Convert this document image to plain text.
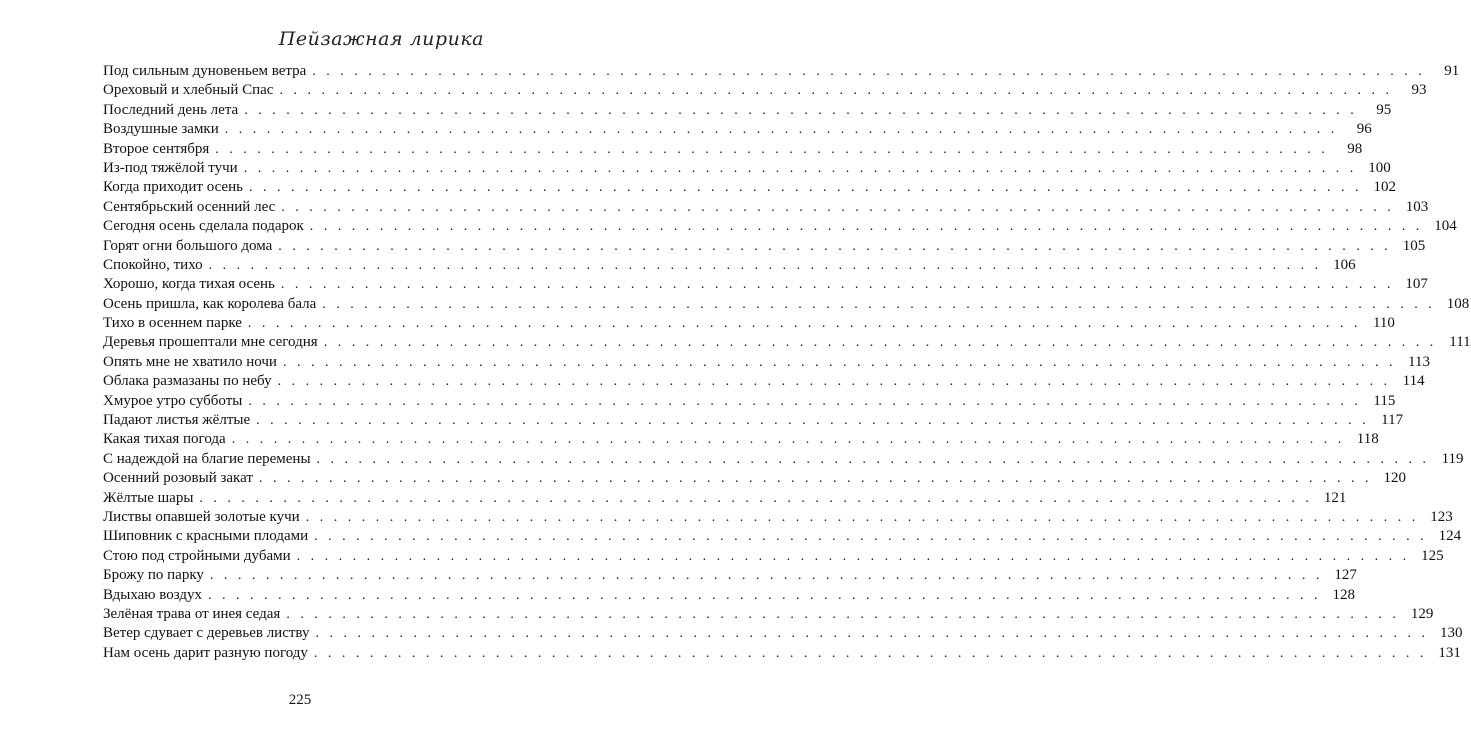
Пейзажная лирика
Под сильным дуновеньем ветра . . . . . . . . . . . . . . . . . . . . . . . . . . . . . . . . . . . . . . . . . . . . . . . . . . . . . . . . . . . . . . . . . . . . . . . . . . . . . . . .	91
Ореховый и хлебный Спас . . . . . . . . . . . . . . . . . . . . . . . . . . . . . . . . . . . . . . . . . . . . . . . . . . . . . . . . . . . . . . . . . . . . . . . . . . . . . . . .	93
Последний день лета . . . . . . . . . . . . . . . . . . . . . . . . . . . . . . . . . . . . . . . . . . . . . . . . . . . . . . . . . . . . . . . . . . . . . . . . . . . . . . . .	95
Воздушные замки . . . . . . . . . . . . . . . . . . . . . . . . . . . . . . . . . . . . . . . . . . . . . . . . . . . . . . . . . . . . . . . . . . . . . . . . . . . . . . . .	96
Второе сентября . . . . . . . . . . . . . . . . . . . . . . . . . . . . . . . . . . . . . . . . . . . . . . . . . . . . . . . . . . . . . . . . . . . . . . . . . . . . . . . .	98
Из-под тяжёлой тучи . . . . . . . . . . . . . . . . . . . . . . . . . . . . . . . . . . . . . . . . . . . . . . . . . . . . . . . . . . . . . . . . . . . . . . . . . . . . . . . . 100
Когда приходит осень . . . . . . . . . . . . . . . . . . . . . . . . . . . . . . . . . . . . . . . . . . . . . . . . . . . . . . . . . . . . . . . . . . . . . . . . . . . . . . . . 102
Сентябрьский осенний лес . . . . . . . . . . . . . . . . . . . . . . . . . . . . . . . . . . . . . . . . . . . . . . . . . . . . . . . . . . . . . . . . . . . . . . . . . . . . . . . . 103
Сегодня осень сделала подарок . . . . . . . . . . . . . . . . . . . . . . . . . . . . . . . . . . . . . . . . . . . . . . . . . . . . . . . . . . . . . . . . . . . . . . . . . . . . . . . . 104
Горят огни большого дома . . . . . . . . . . . . . . . . . . . . . . . . . . . . . . . . . . . . . . . . . . . . . . . . . . . . . . . . . . . . . . . . . . . . . . . . . . . . . . . . 105
Спокойно, тихо . . . . . . . . . . . . . . . . . . . . . . . . . . . . . . . . . . . . . . . . . . . . . . . . . . . . . . . . . . . . . . . . . . . . . . . . . . . . . . . . 106
Хорошо, когда тихая осень . . . . . . . . . . . . . . . . . . . . . . . . . . . . . . . . . . . . . . . . . . . . . . . . . . . . . . . . . . . . . . . . . . . . . . . . . . . . . . . . 107
Осень пришла, как королева бала . . . . . . . . . . . . . . . . . . . . . . . . . . . . . . . . . . . . . . . . . . . . . . . . . . . . . . . . . . . . . . . . . . . . . . . . . . . . . . . . 108
Тихо в осеннем парке . . . . . . . . . . . . . . . . . . . . . . . . . . . . . . . . . . . . . . . . . . . . . . . . . . . . . . . . . . . . . . . . . . . . . . . . . . . . . . . . 110
Деревья прошептали мне сегодня . . . . . . . . . . . . . . . . . . . . . . . . . . . . . . . . . . . . . . . . . . . . . . . . . . . . . . . . . . . . . . . . . . . . . . . . . . . . . . . . 111
Опять мне не хватило ночи . . . . . . . . . . . . . . . . . . . . . . . . . . . . . . . . . . . . . . . . . . . . . . . . . . . . . . . . . . . . . . . . . . . . . . . . . . . . . . . . 113
Облака размазаны по небу . . . . . . . . . . . . . . . . . . . . . . . . . . . . . . . . . . . . . . . . . . . . . . . . . . . . . . . . . . . . . . . . . . . . . . . . . . . . . . . . 114
Хмурое утро субботы . . . . . . . . . . . . . . . . . . . . . . . . . . . . . . . . . . . . . . . . . . . . . . . . . . . . . . . . . . . . . . . . . . . . . . . . . . . . . . . . 115
Падают листья жёлтые . . . . . . . . . . . . . . . . . . . . . . . . . . . . . . . . . . . . . . . . . . . . . . . . . . . . . . . . . . . . . . . . . . . . . . . . . . . . . . . . 117
Какая тихая погода . . . . . . . . . . . . . . . . . . . . . . . . . . . . . . . . . . . . . . . . . . . . . . . . . . . . . . . . . . . . . . . . . . . . . . . . . . . . . . . . 118
С надеждой на благие перемены . . . . . . . . . . . . . . . . . . . . . . . . . . . . . . . . . . . . . . . . . . . . . . . . . . . . . . . . . . . . . . . . . . . . . . . . . . . . . . . . 119
Осенний розовый закат . . . . . . . . . . . . . . . . . . . . . . . . . . . . . . . . . . . . . . . . . . . . . . . . . . . . . . . . . . . . . . . . . . . . . . . . . . . . . . . . 120
Жёлтые шары . . . . . . . . . . . . . . . . . . . . . . . . . . . . . . . . . . . . . . . . . . . . . . . . . . . . . . . . . . . . . . . . . . . . . . . . . . . . . . . . 121
Листвы опавшей золотые кучи . . . . . . . . . . . . . . . . . . . . . . . . . . . . . . . . . . . . . . . . . . . . . . . . . . . . . . . . . . . . . . . . . . . . . . . . . . . . . . . . 123
Шиповник с красными плодами . . . . . . . . . . . . . . . . . . . . . . . . . . . . . . . . . . . . . . . . . . . . . . . . . . . . . . . . . . . . . . . . . . . . . . . . . . . . . . . . 124
Стою под стройными дубами . . . . . . . . . . . . . . . . . . . . . . . . . . . . . . . . . . . . . . . . . . . . . . . . . . . . . . . . . . . . . . . . . . . . . . . . . . . . . . . . 125
Брожу по парку . . . . . . . . . . . . . . . . . . . . . . . . . . . . . . . . . . . . . . . . . . . . . . . . . . . . . . . . . . . . . . . . . . . . . . . . . . . . . . . . 127
Вдыхаю воздух . . . . . . . . . . . . . . . . . . . . . . . . . . . . . . . . . . . . . . . . . . . . . . . . . . . . . . . . . . . . . . . . . . . . . . . . . . . . . . . . 128
Зелёная трава от инея седая . . . . . . . . . . . . . . . . . . . . . . . . . . . . . . . . . . . . . . . . . . . . . . . . . . . . . . . . . . . . . . . . . . . . . . . . . . . . . . . . 129
Ветер сдувает с деревьев листву . . . . . . . . . . . . . . . . . . . . . . . . . . . . . . . . . . . . . . . . . . . . . . . . . . . . . . . . . . . . . . . . . . . . . . . . . . . . . . . . 130
Нам осень дарит разную погоду . . . . . . . . . . . . . . . . . . . . . . . . . . . . . . . . . . . . . . . . . . . . . . . . . . . . . . . . . . . . . . . . . . . . . . . . . . . . . . . . 131
225
